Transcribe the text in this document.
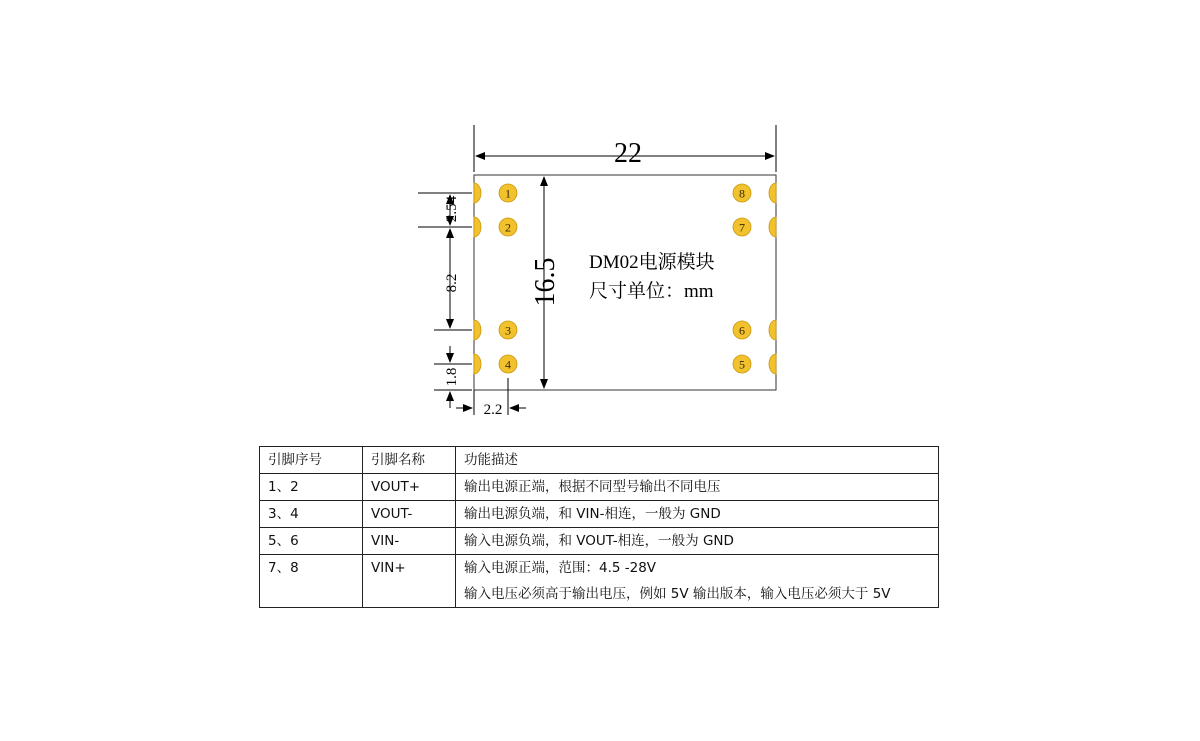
22
16.5
2.54
8.2
1.8
2.2
1
2
3
4
8
7
6
5
DM02电源模块
尺寸单位：mm
引脚序号	引脚名称	功能描述
1、2	VOUT+	输出电源正端，根据不同型号输出不同电压
3、4	VOUT-	输出电源负端，和 VIN-相连，一般为 GND
5、6	VIN-	输入电源负端，和 VOUT-相连，一般为 GND
7、8	VIN+	输入电源正端，范围：4.5 -28V
输入电压必须高于输出电压，例如 5V 输出版本，输入电压必须大于 5V
